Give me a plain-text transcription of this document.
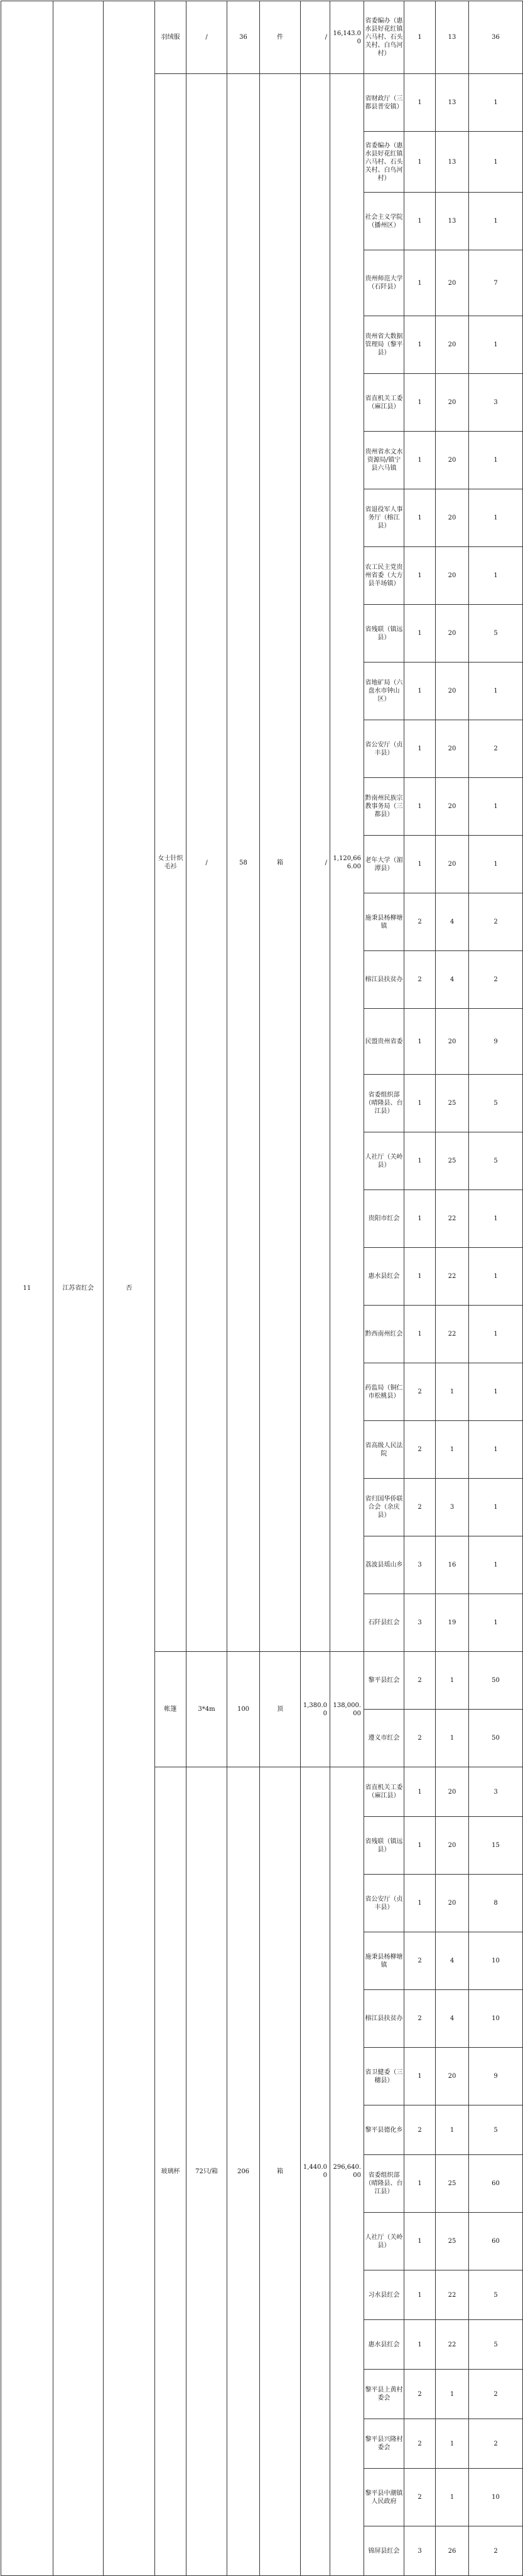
11	江苏省红会	否	羽绒服	/	36	件	/	16,143.00	省委编办（惠水县好花红镇六马村、石头关村、白鸟河村）	1	13	36	
			女士针织毛衫	/	58	箱	/	1,120,666.00	省财政厅（三都县普安镇）	1	13	1	
									省委编办（惠水县好花红镇六马村、石头关村、白鸟河村）	1	13	1	
									社会主义学院（播州区）	1	13	1	
									贵州师范大学（石阡县）	1	20	7	
									贵州省大数据管理局（黎平县）	1	20	1	
									省直机关工委（麻江县）	1	20	3	
									贵州省水文水资源局/镇宁县六马镇	1	20	1	
									省退役军人事务厅（榕江县）	1	20	1	
									农工民主党贵州省委（大方县羊场镇）	1	20	1	
									省残联（镇远县）	1	20	5	
									省地矿局（六盘水市钟山区）	1	20	1	
									省公安厅（贞丰县）	1	20	2	
									黔南州民族宗教事务局（三都县）	1	20	1	
									老年大学（湄潭县）	1	20	1	
									施秉县杨柳塘镇	2	4	2	
									榕江县扶贫办	2	4	2	
									民盟贵州省委	1	20	9	
									省委组织部（晴隆县、台江县）	1	25	5	
									人社厅（关岭县）	1	25	5	
									贵阳市红会	1	22	1	
									惠水县红会	1	22	1	
									黔西南州红会	1	22	1	
									药监局（铜仁市松桃县）	2	1	1	
									省高级人民法院	2	1	1	
									省归国华侨联合会（余庆县）	2	3	1	
									荔波县瑶山乡	3	16	1	
									石阡县红会	3	19	1	
			帐篷	3*4m	100	顶	1,380.00	138,000.00	黎平县红会	2	1	50	
									遵义市红会	2	1	50	
			玻璃杯	72只/箱	206	箱	1,440.00	296,640.00	省直机关工委（麻江县）	1	20	3	
									省残联（镇远县）	1	20	15	
									省公安厅（贞丰县）	1	20	8	
									施秉县杨柳塘镇	2	4	10	
									榕江县扶贫办	2	4	10	
									省卫健委（三穗县）	1	20	9	
									黎平县德化乡	2	1	5	
									省委组织部（晴隆县、台江县）	1	25	60	
									人社厅（关岭县）	1	25	60	
									习水县红会	1	22	5	
									惠水县红会	1	22	5	
									黎平县上黄村委会	2	1	2	
									黎平县兴隆村委会	2	1	2	
									黎平县中潮镇人民政府	2	1	10	
									锦屏县红会	3	26	2	
